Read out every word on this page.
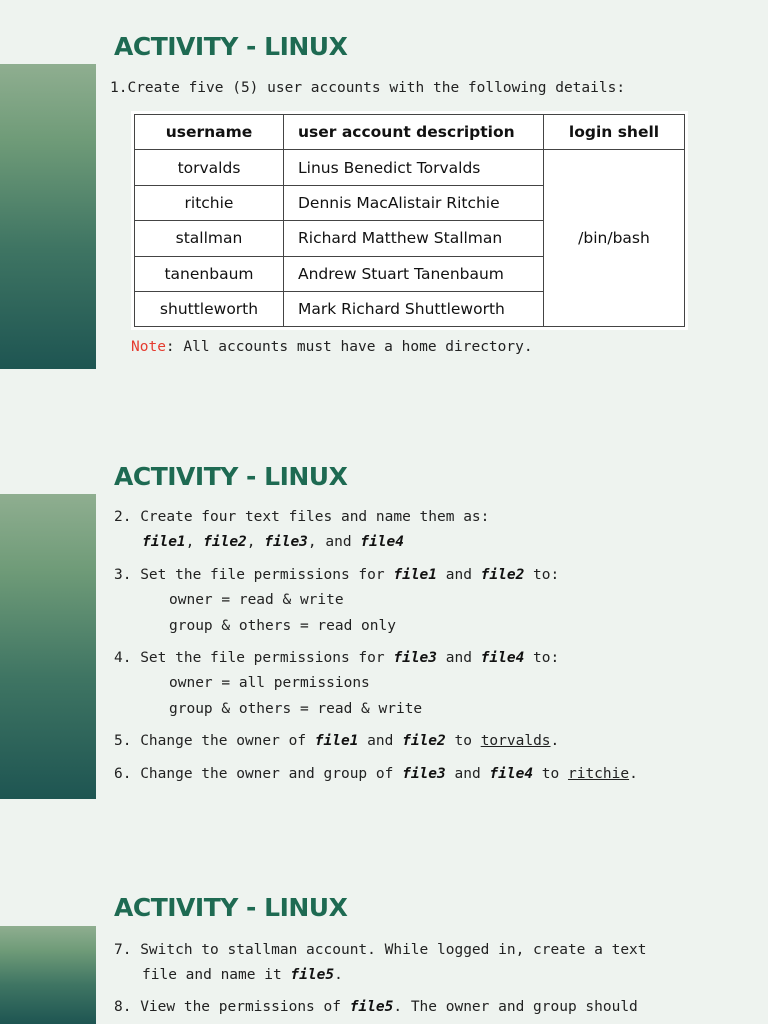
ACTIVITY - LINUX
1.Create five (5) user accounts with the following details:
username	user account description	login shell
torvalds	Linus Benedict Torvalds	/bin/bash
ritchie	Dennis MacAlistair Ritchie	
stallman	Richard Matthew Stallman	
tanenbaum	Andrew Stuart Tanenbaum	
shuttleworth	Mark Richard Shuttleworth	
Note: All accounts must have a home directory.
ACTIVITY - LINUX
2. Create four text files and name them as:
file1, file2, file3, and file4
3. Set the file permissions for file1 and file2 to:
owner = read & write
group & others = read only
4. Set the file permissions for file3 and file4 to:
owner = all permissions
group & others = read & write
5. Change the owner of file1 and file2 to torvalds.
6. Change the owner and group of file3 and file4 to ritchie.
ACTIVITY - LINUX
7. Switch to stallman account. While logged in, create a text
file and name it file5.
8. View the permissions of file5. The owner and group should
